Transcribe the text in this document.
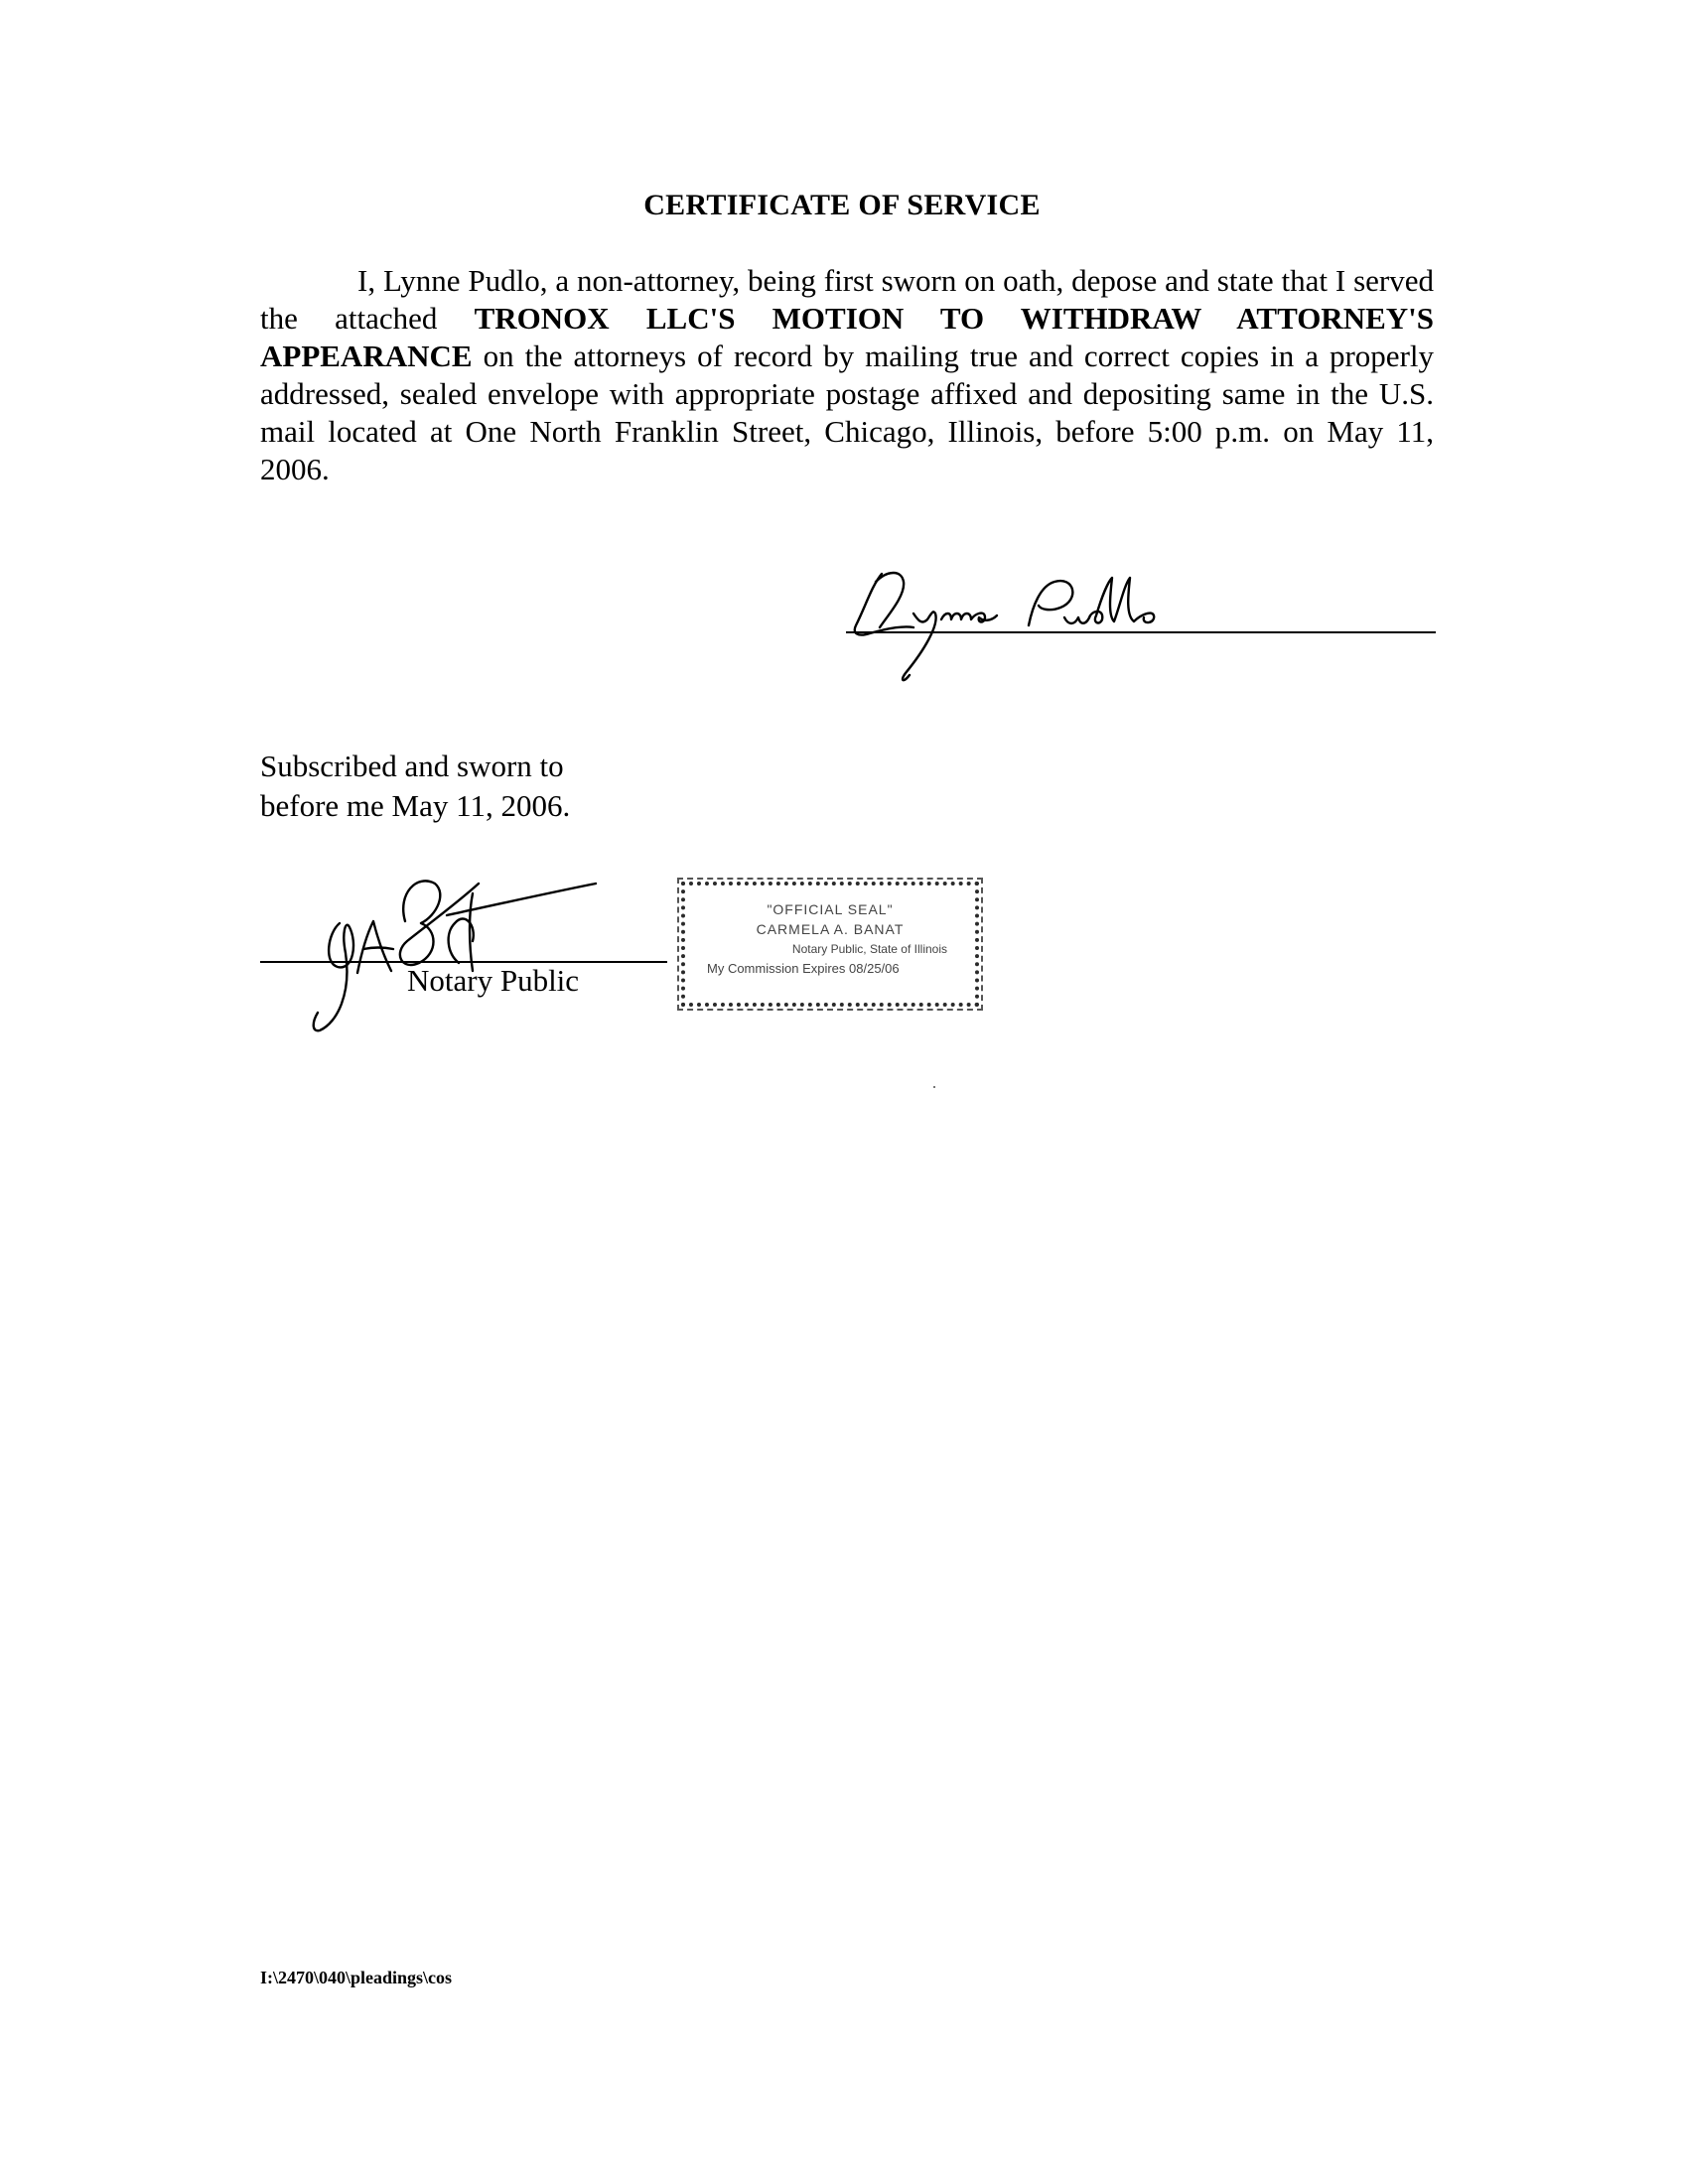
CERTIFICATE OF SERVICE

I, Lynne Pudlo, a non-attorney, being first sworn on oath, depose and state that I served the attached TRONOX LLC'S MOTION TO WITHDRAW ATTORNEY'S APPEARANCE on the attorneys of record by mailing true and correct copies in a properly addressed, sealed envelope with appropriate postage affixed and depositing same in the U.S. mail located at One North Franklin Street, Chicago, Illinois, before 5:00 p.m. on May 11, 2006.

Subscribed and sworn to
before me May 11, 2006.
Notary Public
"OFFICIAL SEAL"
CARMELA A. BANAT
Notary Public, State of Illinois
My Commission Expires 08/25/06
I:\2470\040\pleadings\cos
